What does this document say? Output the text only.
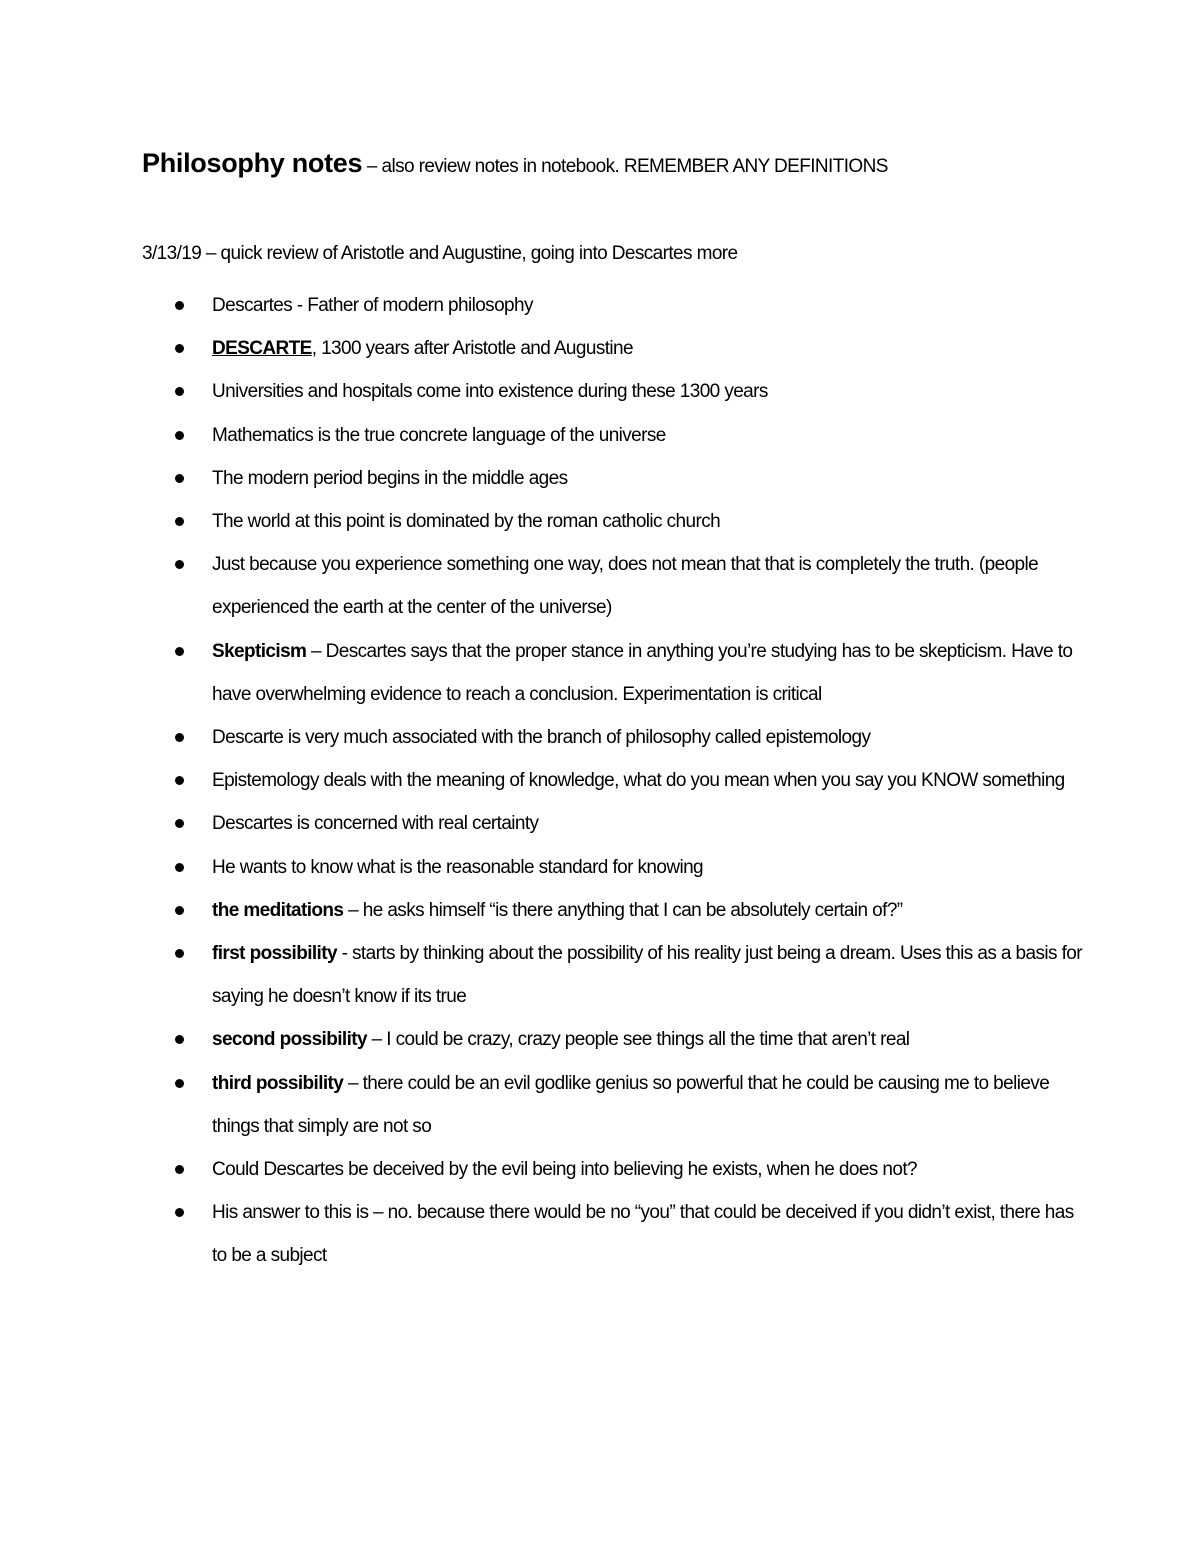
Philosophy notes – also review notes in notebook. REMEMBER ANY DEFINITIONS
3/13/19 – quick review of Aristotle and Augustine, going into Descartes more
Descartes - Father of modern philosophy
DESCARTE, 1300 years after Aristotle and Augustine
Universities and hospitals come into existence during these 1300 years
Mathematics is the true concrete language of the universe
The modern period begins in the middle ages
The world at this point is dominated by the roman catholic church
Just because you experience something one way, does not mean that that is completely the truth. (people experienced the earth at the center of the universe)
Skepticism – Descartes says that the proper stance in anything you’re studying has to be skepticism. Have to have overwhelming evidence to reach a conclusion. Experimentation is critical
Descarte is very much associated with the branch of philosophy called epistemology
Epistemology deals with the meaning of knowledge, what do you mean when you say you KNOW something
Descartes is concerned with real certainty
He wants to know what is the reasonable standard for knowing
the meditations – he asks himself “is there anything that I can be absolutely certain of?”
first possibility - starts by thinking about the possibility of his reality just being a dream. Uses this as a basis for saying he doesn’t know if its true
second possibility – I could be crazy, crazy people see things all the time that aren’t real
third possibility – there could be an evil godlike genius so powerful that he could be causing me to believe things that simply are not so
Could Descartes be deceived by the evil being into believing he exists, when he does not?
His answer to this is – no. because there would be no “you” that could be deceived if you didn’t exist, there has to be a subject
